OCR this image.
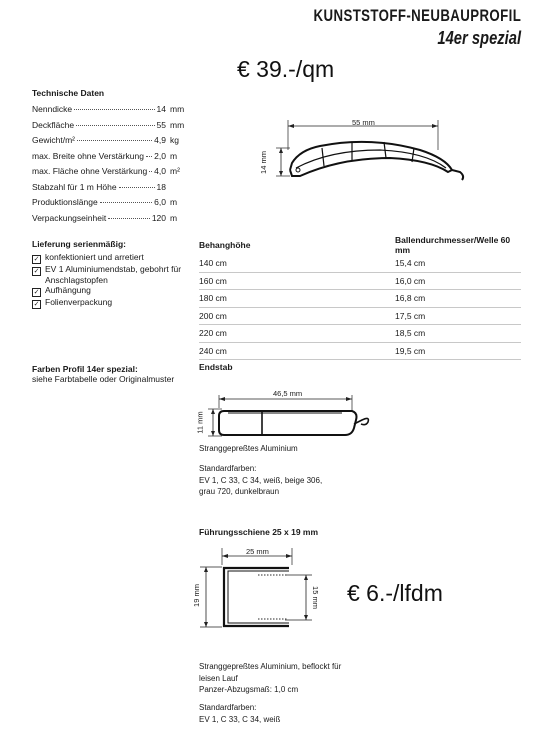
KUNSTSTOFF-NEUBAUPROFIL
14er spezial
€ 39.-/qm
Technische Daten
Nenndicke	14 mm
Deckfläche	55 mm
Gewicht/m²	4,9 kg
max. Breite ohne Verstärkung 2,0 m
max. Fläche ohne Verstärkung 4,0 m²
Stabzahl für 1 m Höhe	18
Produktionslänge	6,0 m
Verpackungseinheit	120 m
55 mm
14 mm
Lieferung serienmäßig:
✓ konfektioniert und arretiert
✓ EV 1 Aluminiumendstab, gebohrt für Anschlagstopfen
✓ Aufhängung
✓ Folienverpackung
Behanghöhe	Ballendurchmesser/Welle 60 mm
140 cm	15,4 cm
160 cm	16,0 cm
180 cm	16,8 cm
200 cm	17,5 cm
220 cm	18,5 cm
240 cm	19,5 cm
Farben Profil 14er spezial:
siehe Farbtabelle oder Originalmuster
Endstab
46,5 mm
11 mm
Stranggepreßtes Aluminium
Standardfarben:
EV 1, C 33, C 34, weiß, beige 306,
grau 720, dunkelbraun
Führungsschiene 25 x 19 mm
25 mm
19 mm	15 mm € 6.-/lfdm
Stranggepreßtes Aluminium, beflockt für
leisen Lauf
Panzer-Abzugsmaß: 1,0 cm
Standardfarben:
EV 1, C 33, C 34, weiß
